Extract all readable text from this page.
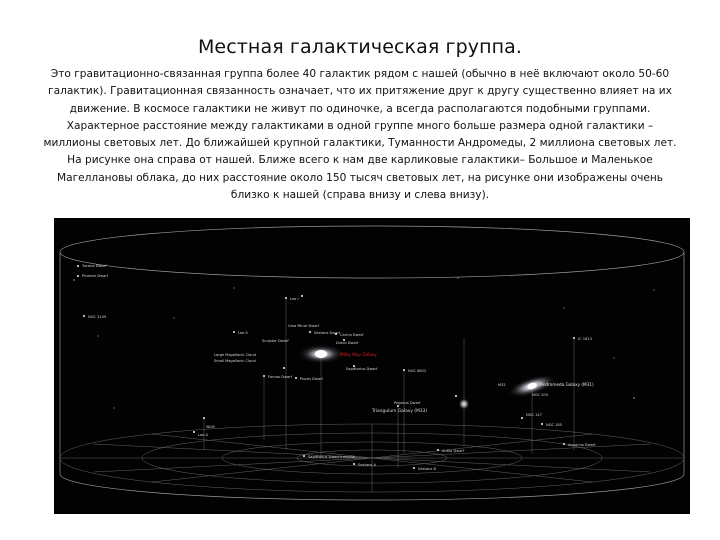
Местная галактическая группа.
Это гравитационно-связанная группа более 40 галактик рядом с нашей (обычно в неё включают около 50-60 галактик). Гравитационная связанность означает, что их притяжение друг к другу существенно влияет на их движение. В космосе галактики не живут по одиночке, а всегда располагаются подобными группами. Характерное расстояние между галактиками в одной группе много больше размера одной галактики – миллионы световых лет. До ближайшей крупной галактики, Туманности Андромеды, 2 миллиона световых лет. На рисунке она справа от нашей. Ближе всего к нам две карликовые галактики– Большое и Маленькое Магеллановы облака, до них расстояние около 150 тысяч световых лет, на рисунке они изображены очень близко к нашей (справа внизу и слева внизу).
Tucana Dwarf
Phoenix Dwarf
Leo I
NGC 3109
Leo II	Sextans Dwarf Carina Dwarf
Ursa Minor Dwarf
Draco Dwarf
Sculptor Dwarf
Large Magellanic Cloud
Small Magellanic Cloud
Milky Way Galaxy
Sagittarius Dwarf
Fornax Dwarf Pisces Dwarf
NGC 6822
IC 1613
Andromeda Galaxy (M31)
M32
NGC 205
NGC 147
NGC 185
Triangulum Galaxy (M33)
Pegasus Dwarf
WLM
Leo A
Sextans A
Sextans B
Antlia Dwarf
Aquarius Dwarf
Sagittarius Dwarf Irregular
